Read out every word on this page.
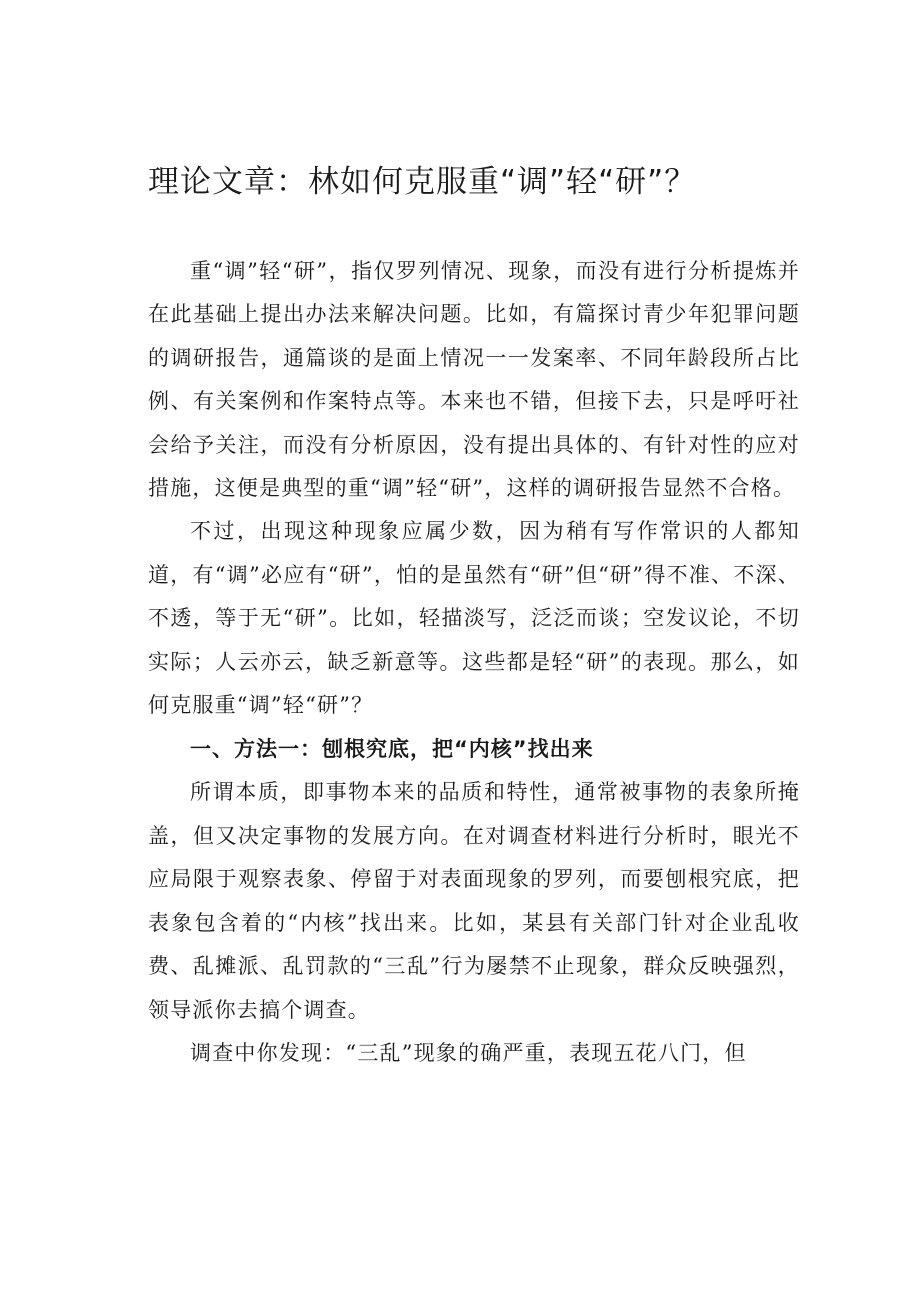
理论文章：林如何克服重“调”轻“研”？

重“调”轻“研”，指仅罗列情况、现象，而没有进行分析提炼并在此基础上提出办法来解决问题。比如，有篇探讨青少年犯罪问题的调研报告，通篇谈的是面上情况一一发案率、不同年龄段所占比例、有关案例和作案特点等。本来也不错，但接下去，只是呼吁社会给予关注，而没有分析原因，没有提出具体的、有针对性的应对措施，这便是典型的重“调”轻“研”，这样的调研报告显然不合格。

不过，出现这种现象应属少数，因为稍有写作常识的人都知道，有“调”必应有“研”，怕的是虽然有“研”但“研”得不准、不深、不透，等于无“研”。比如，轻描淡写，泛泛而谈；空发议论，不切实际；人云亦云，缺乏新意等。这些都是轻“研”的表现。那么，如何克服重“调”轻“研”？

一、方法一：刨根究底，把“内核”找出来

所谓本质，即事物本来的品质和特性，通常被事物的表象所掩盖，但又决定事物的发展方向。在对调查材料进行分析时，眼光不应局限于观察表象、停留于对表面现象的罗列，而要刨根究底，把表象包含着的“内核”找出来。比如，某县有关部门针对企业乱收费、乱摊派、乱罚款的“三乱”行为屡禁不止现象，群众反映强烈，领导派你去搞个调查。

调查中你发现：“三乱”现象的确严重，表现五花八门，但
